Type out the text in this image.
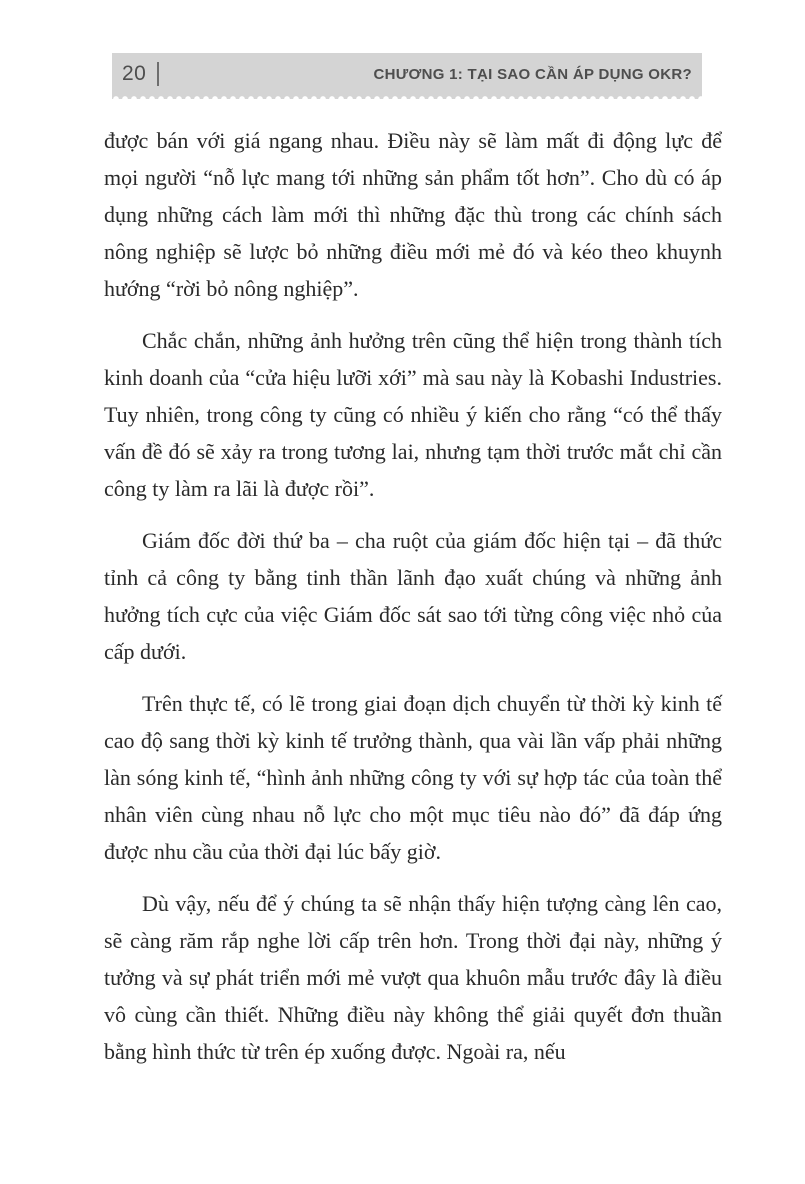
20	CHƯƠNG 1: TẠI SAO CẦN ÁP DỤNG OKR?

được bán với giá ngang nhau. Điều này sẽ làm mất đi động lực để mọi người “nỗ lực mang tới những sản phẩm tốt hơn”. Cho dù có áp dụng những cách làm mới thì những đặc thù trong các chính sách nông nghiệp sẽ lược bỏ những điều mới mẻ đó và kéo theo khuynh hướng “rời bỏ nông nghiệp”.

Chắc chắn, những ảnh hưởng trên cũng thể hiện trong thành tích kinh doanh của “cửa hiệu lưỡi xới” mà sau này là Kobashi Industries. Tuy nhiên, trong công ty cũng có nhiều ý kiến cho rằng “có thể thấy vấn đề đó sẽ xảy ra trong tương lai, nhưng tạm thời trước mắt chỉ cần công ty làm ra lãi là được rồi”.

Giám đốc đời thứ ba – cha ruột của giám đốc hiện tại – đã thức tỉnh cả công ty bằng tinh thần lãnh đạo xuất chúng và những ảnh hưởng tích cực của việc Giám đốc sát sao tới từng công việc nhỏ của cấp dưới.

Trên thực tế, có lẽ trong giai đoạn dịch chuyển từ thời kỳ kinh tế cao độ sang thời kỳ kinh tế trưởng thành, qua vài lần vấp phải những làn sóng kinh tế, “hình ảnh những công ty với sự hợp tác của toàn thể nhân viên cùng nhau nỗ lực cho một mục tiêu nào đó” đã đáp ứng được nhu cầu của thời đại lúc bấy giờ.

Dù vậy, nếu để ý chúng ta sẽ nhận thấy hiện tượng càng lên cao, sẽ càng răm rắp nghe lời cấp trên hơn. Trong thời đại này, những ý tưởng và sự phát triển mới mẻ vượt qua khuôn mẫu trước đây là điều vô cùng cần thiết. Những điều này không thể giải quyết đơn thuần bằng hình thức từ trên ép xuống được. Ngoài ra, nếu
